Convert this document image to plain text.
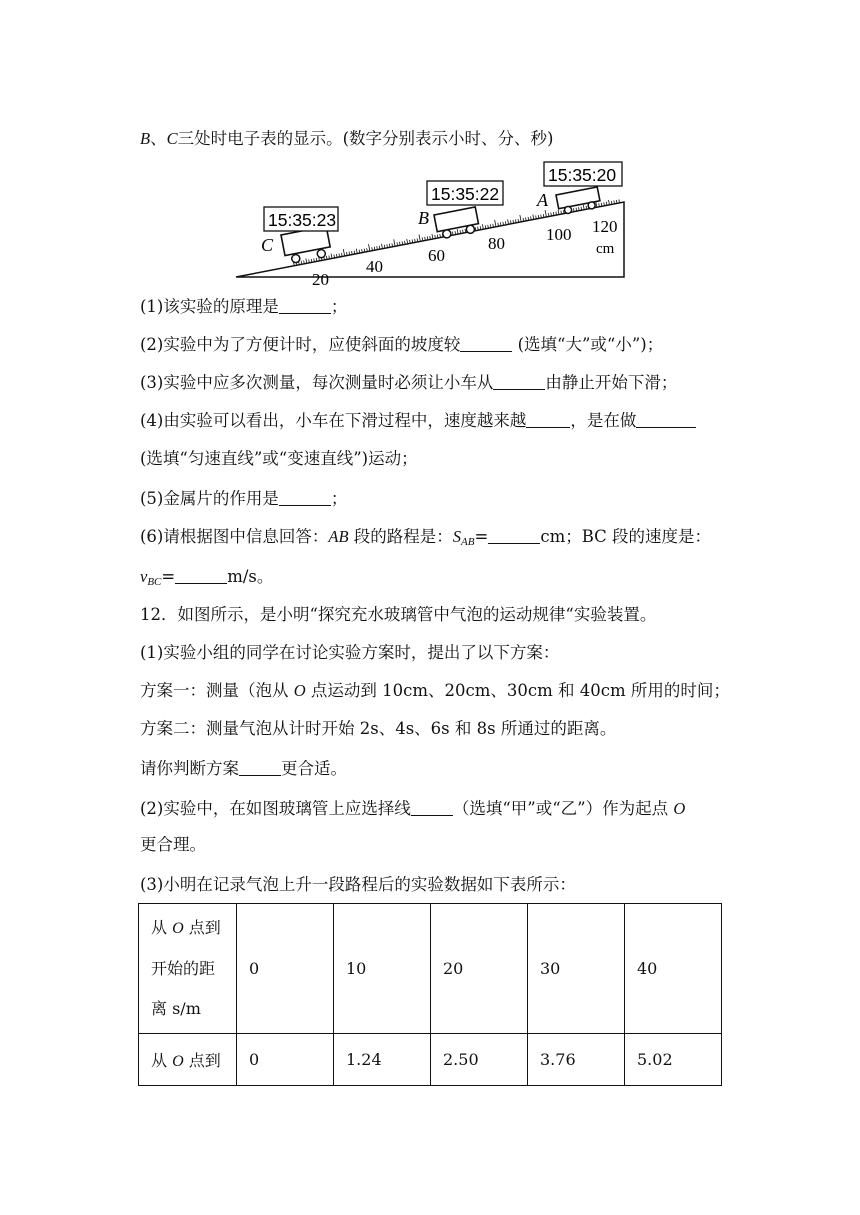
B、C三处时电子表的显示。(数字分别表示小时、分、秒)
20
40
60
80 100 120
cm
15:35:23
C
15:35:22
B
15:35:20
A
(1)该实验的原理是	；
(2)实验中为了方便计时，应使斜面的坡度较	(选填“大”或“小”)；
(3)实验中应多次测量，每次测量时必须让小车从	由静止开始下滑；
(4)由实验可以看出，小车在下滑过程中，速度越来越	，是在做
(选填“匀速直线”或“变速直线”)运动；
(5)金属片的作用是	；
(6)请根据图中信息回答：AB 段的路程是：$S_{AB}=$	cm；BC 段的速度是：
$v_{BC}=$	m/s。
12．如图所示，是小明“探究充水玻璃管中气泡的运动规律“实验装置。
(1)实验小组的同学在讨论实验方案时，提出了以下方案：
方案一：测量（泡从 O 点运动到 10cm、20cm、30cm 和 40cm 所用的时间；
方案二：测量气泡从计时开始 2s、4s、6s 和 8s 所通过的距离。
请你判断方案	更合适。
(2)实验中，在如图玻璃管上应选择线	（选填“甲”或“乙”）作为起点 O
更合理。
(3)小明在记录气泡上升一段路程后的实验数据如下表所示：
从 O 点到
开始的距
离 s/m	0	10	20	30	40
从 O 点到	0	1.24	2.50	3.76	5.02
